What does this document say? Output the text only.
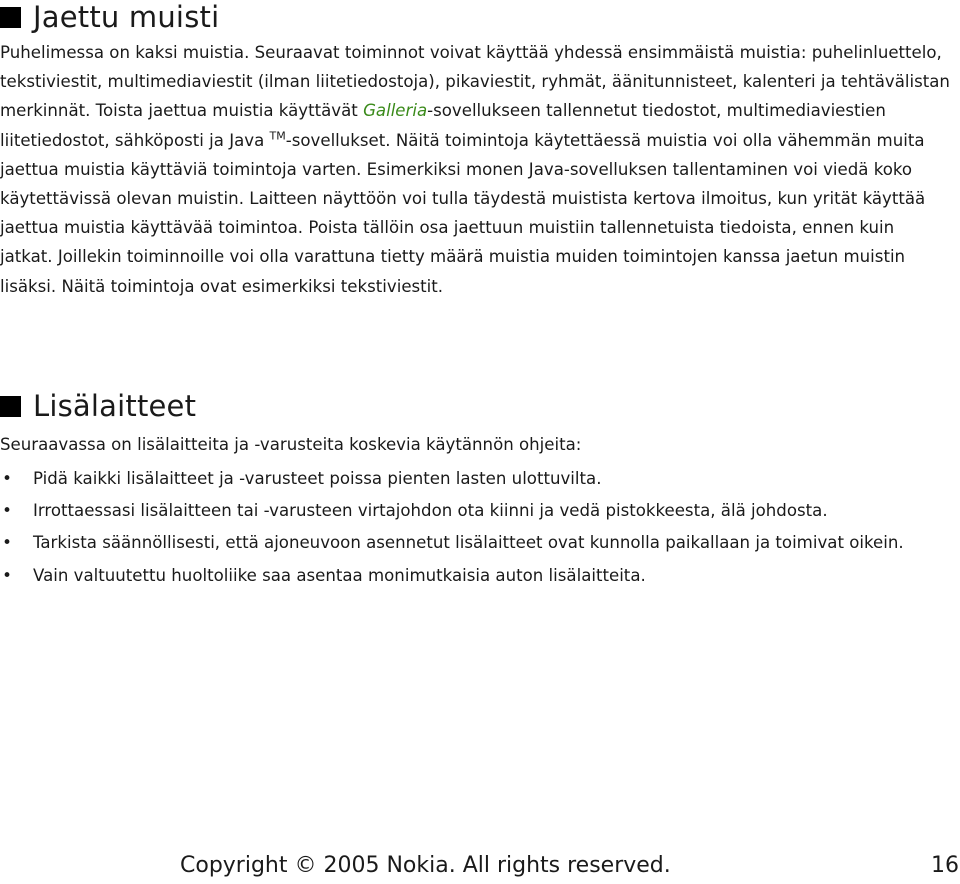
Jaettu muisti

Puhelimessa on kaksi muistia. Seuraavat toiminnot voivat käyttää yhdessä ensimmäistä muistia: puhelinluettelo, tekstiviestit, multimediaviestit (ilman liitetiedostoja), pikaviestit, ryhmät, äänitunnisteet, kalenteri ja tehtävälistan merkinnät. Toista jaettua muistia käyttävät Galleria-sovellukseen tallennetut tiedostot, multimediaviestien liitetiedostot, sähköposti ja Java ™-sovellukset. Näitä toimintoja käytettäessä muistia voi olla vähemmän muita jaettua muistia käyttäviä toimintoja varten. Esimerkiksi monen Java-sovelluksen tallentaminen voi viedä koko käytettävissä olevan muistin. Laitteen näyttöön voi tulla täydestä muistista kertova ilmoitus, kun yrität käyttää jaettua muistia käyttävää toimintoa. Poista tällöin osa jaettuun muistiin tallennetuista tiedoista, ennen kuin jatkat. Joillekin toiminnoille voi olla varattuna tietty määrä muistia muiden toimintojen kanssa jaetun muistin lisäksi. Näitä toimintoja ovat esimerkiksi tekstiviestit.

Lisälaitteet

Seuraavassa on lisälaitteita ja -varusteita koskevia käytännön ohjeita:

• Pidä kaikki lisälaitteet ja -varusteet poissa pienten lasten ulottuvilta.
• Irrottaessasi lisälaitteen tai -varusteen virtajohdon ota kiinni ja vedä pistokkeesta, älä johdosta.
• Tarkista säännöllisesti, että ajoneuvoon asennetut lisälaitteet ovat kunnolla paikallaan ja toimivat oikein.
• Vain valtuutettu huoltoliike saa asentaa monimutkaisia auton lisälaitteita.
Copyright © 2005 Nokia. All rights reserved.	16
